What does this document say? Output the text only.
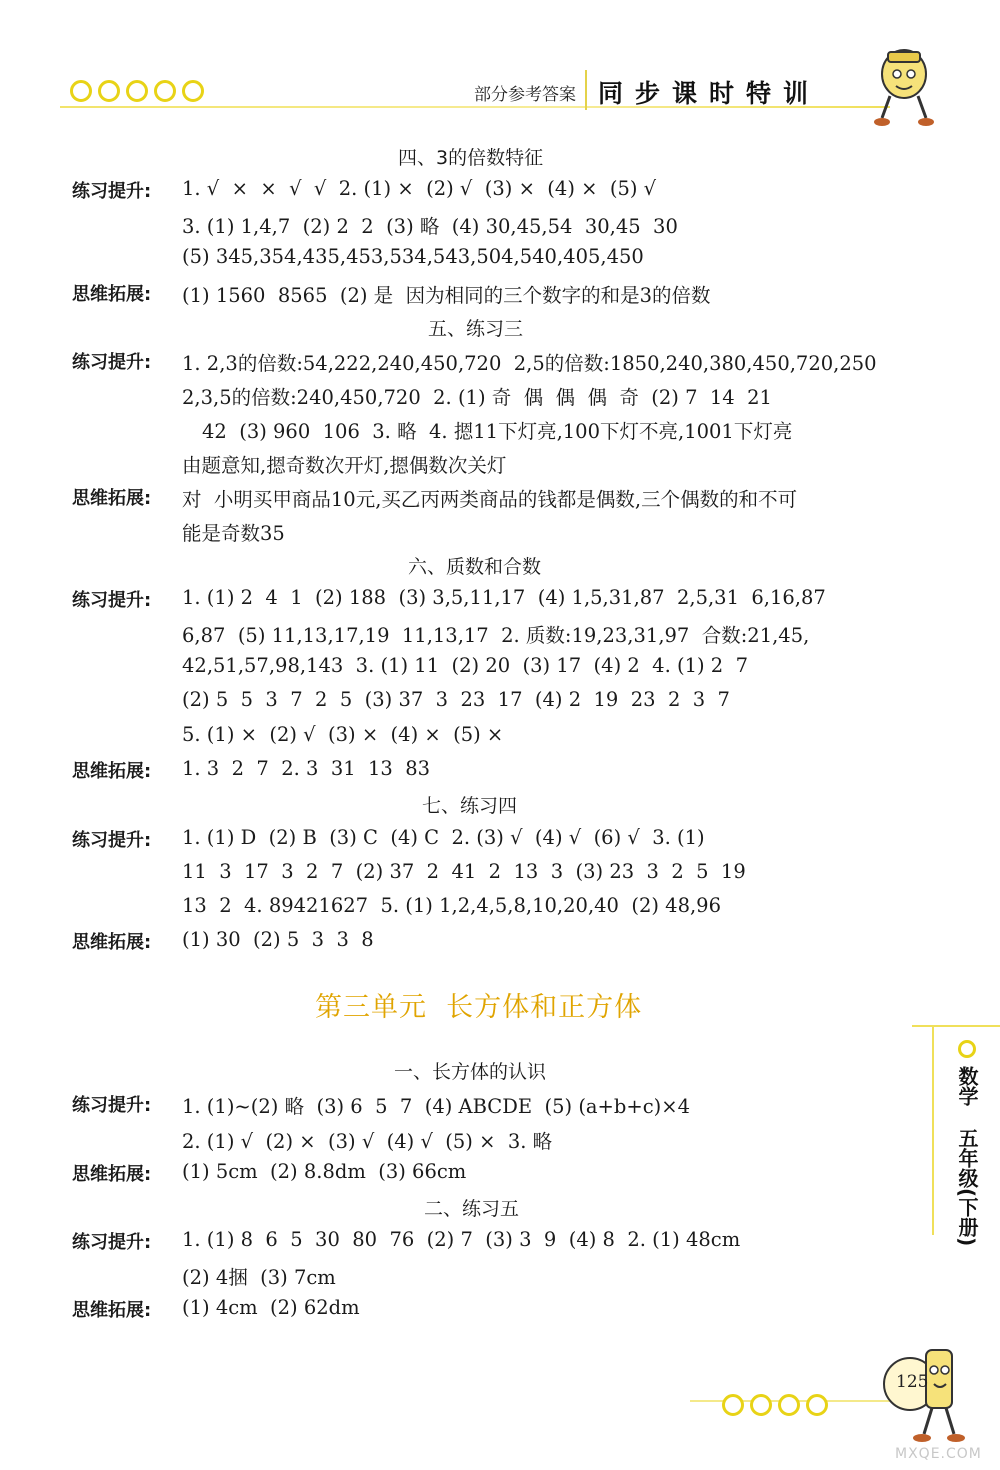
部分参考答案 同步课时特训
四、3的倍数特征
练习提升: 1. √  ×  ×  √  √  2. (1) ×  (2) √  (3) ×  (4) ×  (5) √
3. (1) 1,4,7  (2) 2  2  (3) 略  (4) 30,45,54  30,45  30
(5) 345,354,435,453,534,543,504,540,405,450
思维拓展: (1) 1560  8565  (2) 是  因为相同的三个数字的和是3的倍数
五、练习三
练习提升: 1. 2,3的倍数:54,222,240,450,720  2,5的倍数:1850,240,380,450,720,250
2,3,5的倍数:240,450,720  2. (1) 奇  偶  偶  偶  奇  (2) 7  14  21
42  (3) 960  106  3. 略  4. 摁11下灯亮,100下灯不亮,1001下灯亮
由题意知,摁奇数次开灯,摁偶数次关灯
思维拓展: 对  小明买甲商品10元,买乙丙两类商品的钱都是偶数,三个偶数的和不可
能是奇数35
六、质数和合数
练习提升: 1. (1) 2  4  1  (2) 188  (3) 3,5,11,17  (4) 1,5,31,87  2,5,31  6,16,87
6,87  (5) 11,13,17,19  11,13,17  2. 质数:19,23,31,97  合数:21,45,
42,51,57,98,143  3. (1) 11  (2) 20  (3) 17  (4) 2  4. (1) 2  7
(2) 5  5  3  7  2  5  (3) 37  3  23  17  (4) 2  19  23  2  3  7
5. (1) ×  (2) √  (3) ×  (4) ×  (5) ×
思维拓展: 1. 3  2  7  2. 3  31  13  83
七、练习四
练习提升: 1. (1) D  (2) B  (3) C  (4) C  2. (3) √  (4) √  (6) √  3. (1)
11  3  17  3  2  7  (2) 37  2  41  2  13  3  (3) 23  3  2  5  19
13  2  4. 89421627  5. (1) 1,2,4,5,8,10,20,40  (2) 48,96
思维拓展: (1) 30  (2) 5  3  3  8
第三单元  长方体和正方体
一、长方体的认识
练习提升: 1. (1)~(2) 略  (3) 6  5  7  (4) ABCDE  (5) (a+b+c)×4
2. (1) √  (2) ×  (3) √  (4) √  (5) ×  3. 略
思维拓展: (1) 5cm  (2) 8.8dm  (3) 66cm
二、练习五
练习提升: 1. (1) 8  6  5  30  80  76  (2) 7  (3) 3  9  (4) 8  2. (1) 48cm
(2) 4捆  (3) 7cm
思维拓展: (1) 4cm  (2) 62dm
数学
五年级(下册)
125
MXQE.COM
